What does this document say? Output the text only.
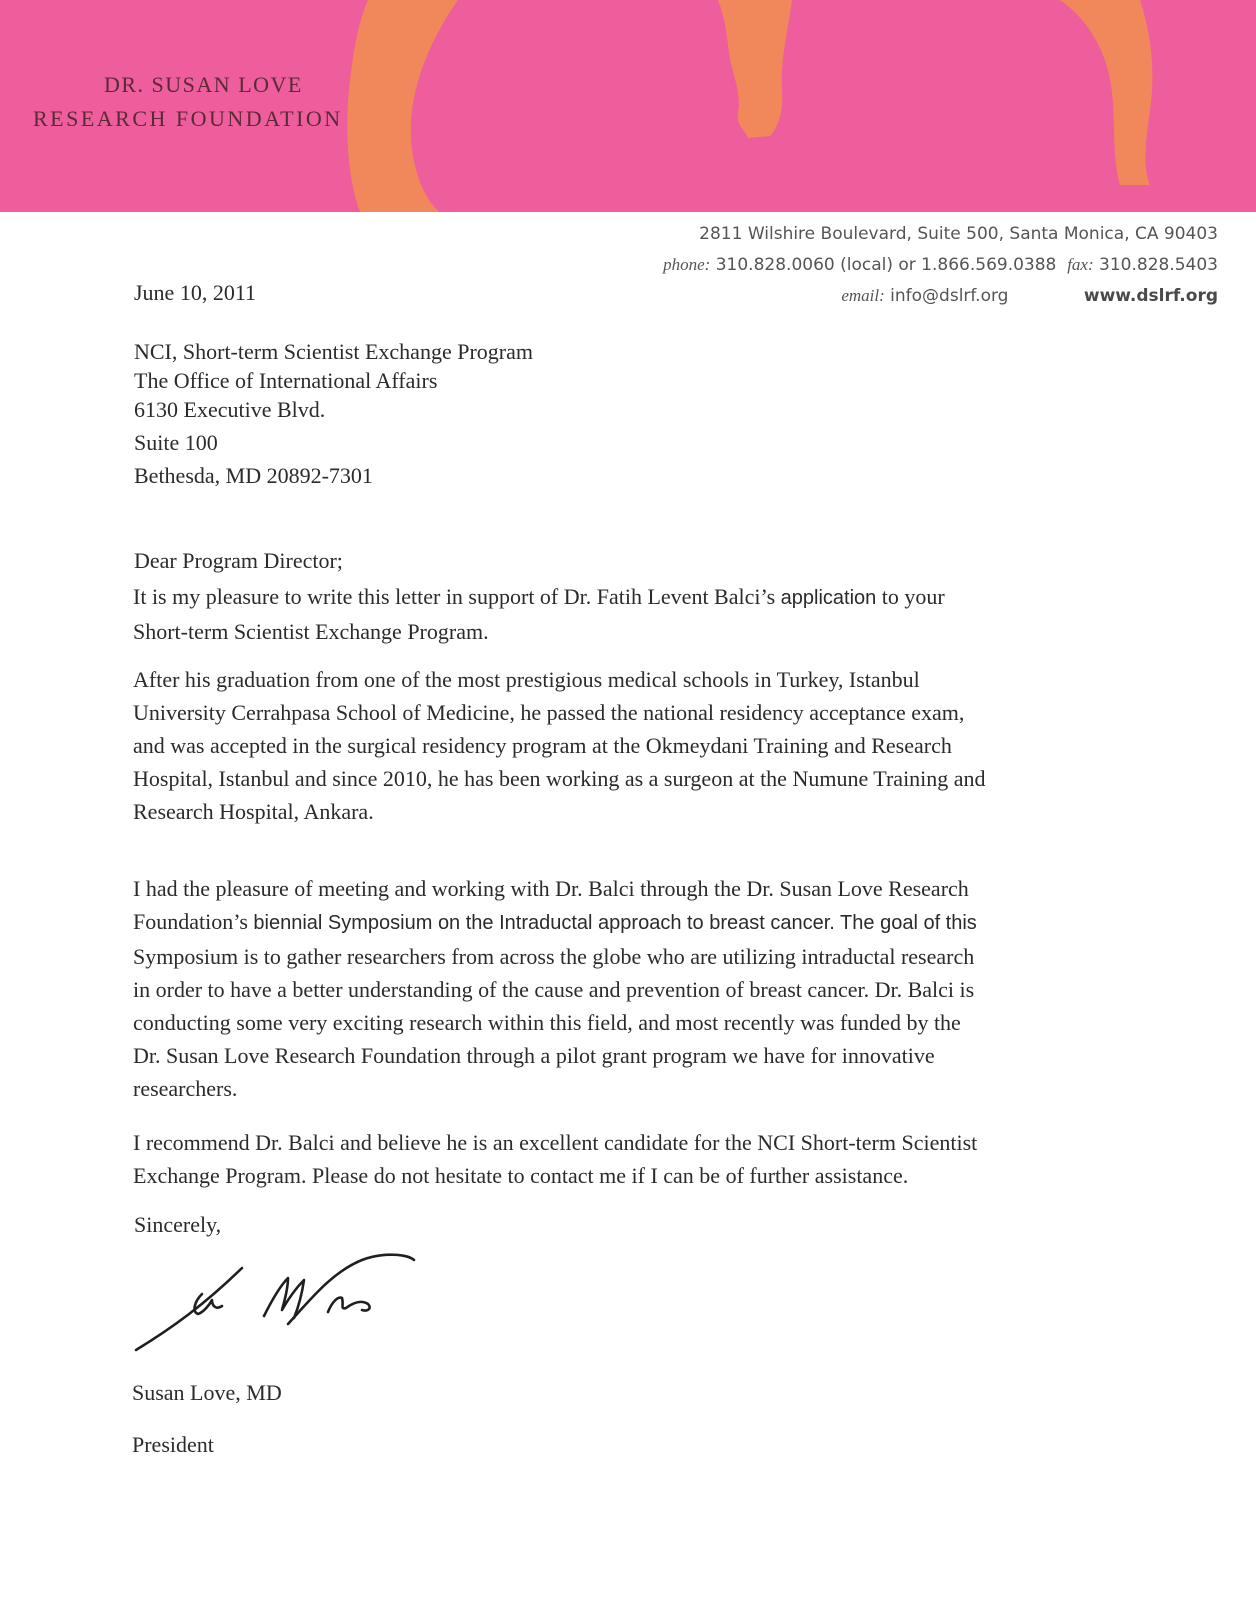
DR. SUSAN LOVE
RESEARCH FOUNDATION
2811 Wilshire Boulevard, Suite 500, Santa Monica, CA 90403
phone: 310.828.0060 (local) or 1.866.569.0388 fax: 310.828.5403
email: info@dslrf.org	www.dslrf.org
June 10, 2011
NCI, Short-term Scientist Exchange Program
The Office of International Affairs
6130 Executive Blvd.
Suite 100
Bethesda, MD 20892-7301
Dear Program Director;

It is my pleasure to write this letter in support of Dr. Fatih Levent Balci’s application to your
Short-term Scientist Exchange Program.

After his graduation from one of the most prestigious medical schools in Turkey, Istanbul
University Cerrahpasa School of Medicine, he passed the national residency acceptance exam,
and was accepted in the surgical residency program at the Okmeydani Training and Research
Hospital, Istanbul and since 2010, he has been working as a surgeon at the Numune Training and
Research Hospital, Ankara.

I had the pleasure of meeting and working with Dr. Balci through the Dr. Susan Love Research
Foundation’s biennial Symposium on the Intraductal approach to breast cancer. The goal of this
Symposium is to gather researchers from across the globe who are utilizing intraductal research
in order to have a better understanding of the cause and prevention of breast cancer. Dr. Balci is
conducting some very exciting research within this field, and most recently was funded by the
Dr. Susan Love Research Foundation through a pilot grant program we have for innovative
researchers.

I recommend Dr. Balci and believe he is an excellent candidate for the NCI Short-term Scientist
Exchange Program. Please do not hesitate to contact me if I can be of further assistance.

Sincerely,
Susan Love, MD
President
